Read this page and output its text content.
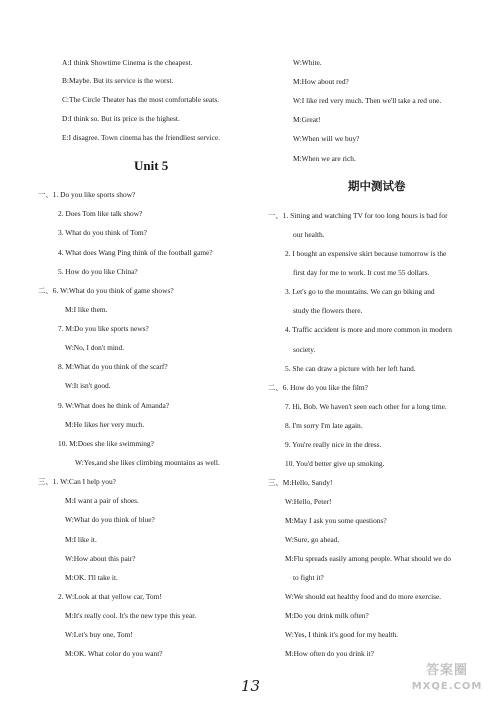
Unit 5
A:I think Showtime Cinema is the cheapest.
B:Maybe. But its service is the worst.
C:The Circle Theater has the most comfortable seats.
D:I think so. But its price is the highest.
E:I disagree. Town cinema has the friendliest service.
一、1. Do you like sports show?
2. Does Tom like talk show?
3. What do you think of Tom?
4. What does Wang Ping think of the football game?
5. How do you like China?
二、6. W:What do you think of game shows?
M:I like them.
7. M:Do you like sports news?
W:No, I don't mind.
8. M:What do you think of the scarf?
W:It isn't good.
9. W:What does he think of Amanda?
M:He likes her very much.
10. M:Does she like swimming?
W:Yes,and she likes climbing mountains as well.
三、1. W:Can I help you?
M:I want a pair of shoes.
W:What do you think of blue?
M:I like it.
W:How about this pair?
M:OK. I'll take it.
2. W:Look at that yellow car, Tom!
M:It's really cool. It's the new type this year.
W:Let's buy one, Tom!
M:OK. What color do you want?
期中测试卷
W:White.
M:How about red?
W:I like red very much. Then we'll take a red one.
M:Great!
W:When will we buy?
M:When we are rich.
一、1. Sitting and watching TV for too long hours is bad for
our health.
2. I bought an expensive skirt because tomorrow is the
first day for me to work. It cost me 55 dollars.
3. Let's go to the mountains. We can go biking and
study the flowers there.
4. Traffic accident is more and more common in modern
society.
5. She can draw a picture with her left hand.
二、6. How do you like the film?
7. Hi, Bob. We haven't seen each other for a long time.
8. I'm sorry I'm late again.
9. You're really nice in the dress.
10. You'd better give up smoking.
三、M:Hello, Sandy!
W:Hello, Peter!
M:May I ask you some questions?
W:Sure, go ahead.
M:Flu spreads easily among people. What should we do
to fight it?
W:We should eat healthy food and do more exercise.
M:Do you drink milk often?
W:Yes, I think it's good for my health.
M:How often do you drink it?
13
答案圈
MXQE.COM
